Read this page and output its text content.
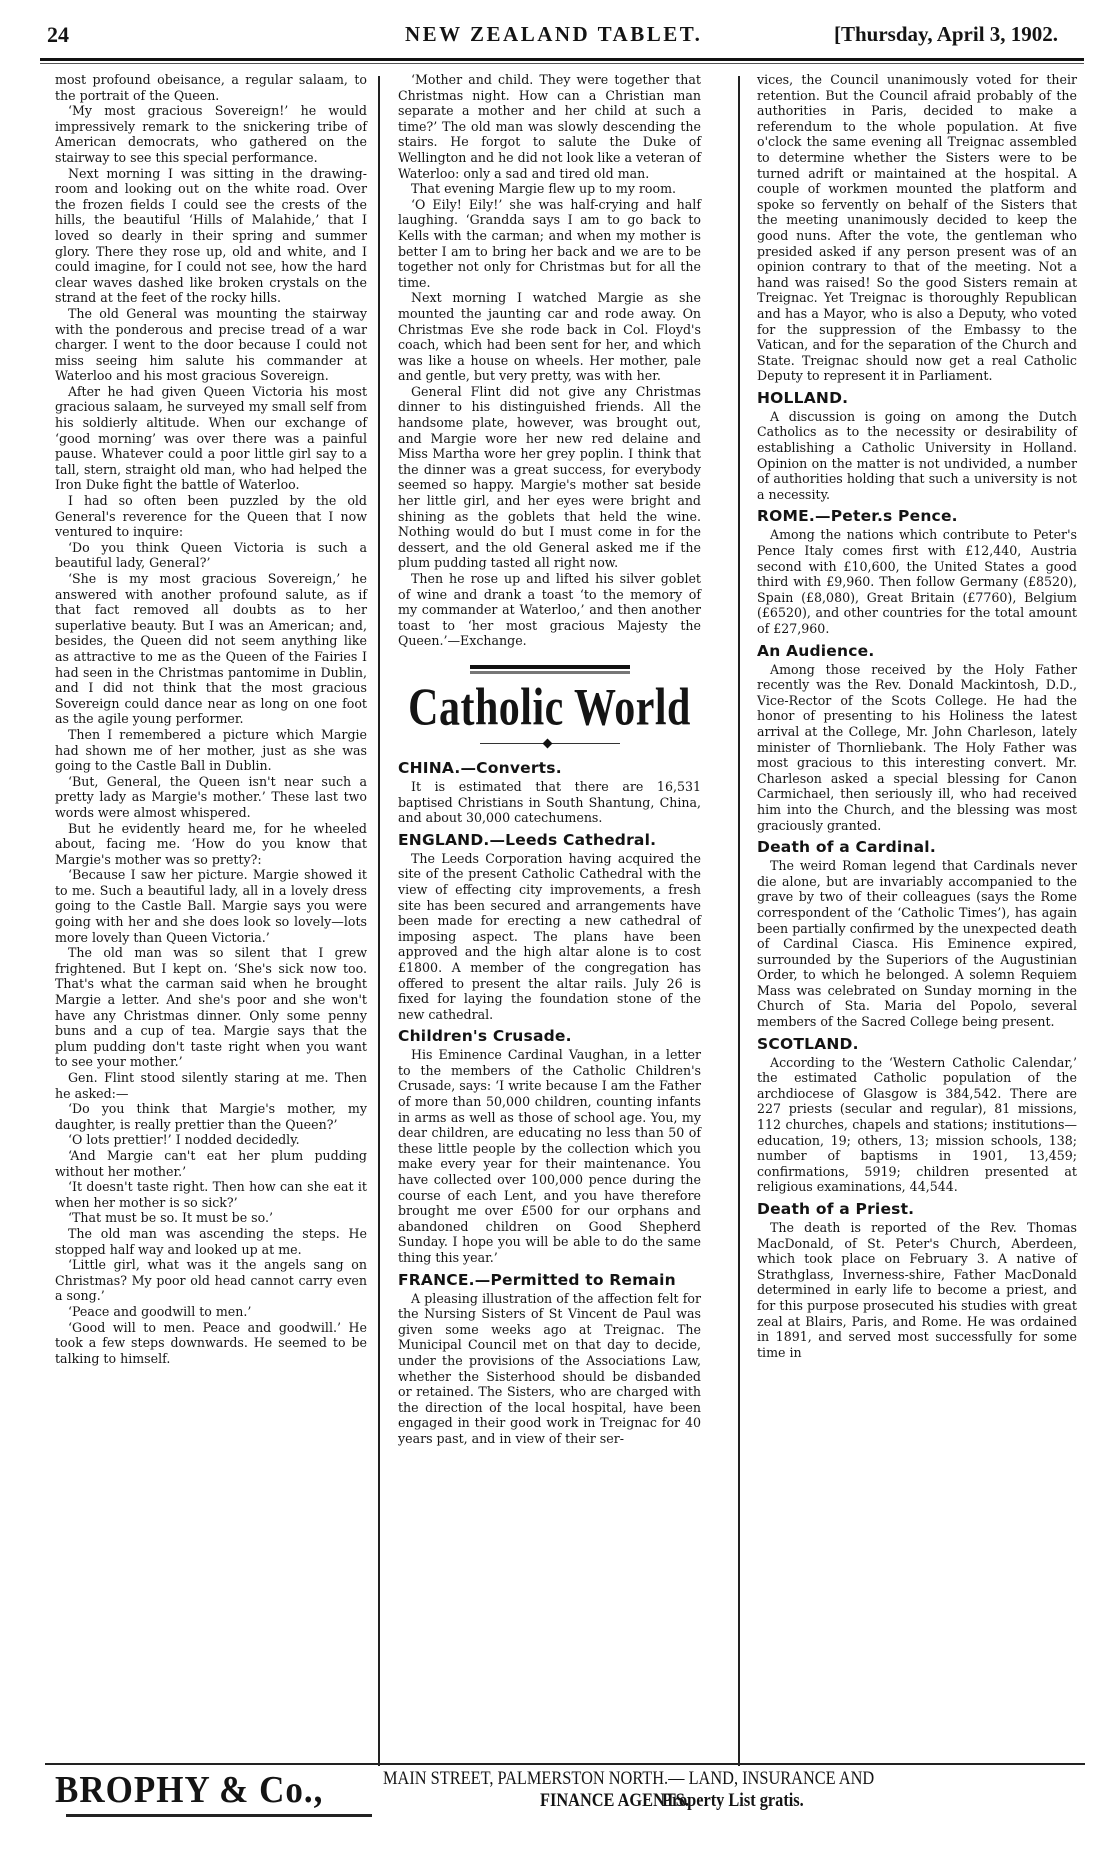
24	NEW ZEALAND TABLET.	[Thursday, April 3, 1902.

most profound obeisance, a regular salaam, to the portrait of the Queen.

‘My most gracious Sovereign!’ he would impressively remark to the snickering tribe of American democrats, who gathered on the stairway to see this special performance.

Next morning I was sitting in the drawing-room and looking out on the white road. Over the frozen fields I could see the crests of the hills, the beautiful ‘Hills of Malahide,’ that I loved so dearly in their spring and summer glory. There they rose up, old and white, and I could imagine, for I could not see, how the hard clear waves dashed like broken crystals on the strand at the feet of the rocky hills.

The old General was mounting the stairway with the ponderous and precise tread of a war charger. I went to the door because I could not miss seeing him salute his commander at Waterloo and his most gracious Sovereign.

After he had given Queen Victoria his most gracious salaam, he surveyed my small self from his soldierly altitude. When our exchange of ‘good morning’ was over there was a painful pause. Whatever could a poor little girl say to a tall, stern, straight old man, who had helped the Iron Duke fight the battle of Waterloo.

I had so often been puzzled by the old General's reverence for the Queen that I now ventured to inquire:

‘Do you think Queen Victoria is such a beautiful lady, General?’

‘She is my most gracious Sovereign,’ he answered with another profound salute, as if that fact removed all doubts as to her superlative beauty. But I was an American; and, besides, the Queen did not seem anything like as attractive to me as the Queen of the Fairies I had seen in the Christmas pantomime in Dublin, and I did not think that the most gracious Sovereign could dance near as long on one foot as the agile young performer.

Then I remembered a picture which Margie had shown me of her mother, just as she was going to the Castle Ball in Dublin.

‘But, General, the Queen isn't near such a pretty lady as Margie's mother.’ These last two words were almost whispered.

But he evidently heard me, for he wheeled about, facing me. ‘How do you know that Margie's mother was so pretty?:

‘Because I saw her picture. Margie showed it to me. Such a beautiful lady, all in a lovely dress going to the Castle Ball. Margie says you were going with her and she does look so lovely—lots more lovely than Queen Victoria.’

The old man was so silent that I grew frightened. But I kept on. ‘She's sick now too. That's what the carman said when he brought Margie a letter. And she's poor and she won't have any Christmas dinner. Only some penny buns and a cup of tea. Margie says that the plum pudding don't taste right when you want to see your mother.’

Gen. Flint stood silently staring at me. Then he asked:—

‘Do you think that Margie's mother, my daughter, is really prettier than the Queen?’

‘O lots prettier!’ I nodded decidedly.

‘And Margie can't eat her plum pudding without her mother.’

‘It doesn't taste right. Then how can she eat it when her mother is so sick?’

‘That must be so. It must be so.’

The old man was ascending the steps. He stopped half way and looked up at me.

‘Little girl, what was it the angels sang on Christmas? My poor old head cannot carry even a song.’

‘Peace and goodwill to men.’

‘Good will to men. Peace and goodwill.’ He took a few steps downwards. He seemed to be talking to himself.

‘Mother and child. They were together that Christmas night. How can a Christian man separate a mother and her child at such a time?’ The old man was slowly descending the stairs. He forgot to salute the Duke of Wellington and he did not look like a veteran of Waterloo: only a sad and tired old man.

That evening Margie flew up to my room.

‘O Eily! Eily!’ she was half-crying and half laughing. ‘Grandda says I am to go back to Kells with the carman; and when my mother is better I am to bring her back and we are to be together not only for Christmas but for all the time.

Next morning I watched Margie as she mounted the jaunting car and rode away. On Christmas Eve she rode back in Col. Floyd's coach, which had been sent for her, and which was like a house on wheels. Her mother, pale and gentle, but very pretty, was with her.

General Flint did not give any Christmas dinner to his distinguished friends. All the handsome plate, however, was brought out, and Margie wore her new red delaine and Miss Martha wore her grey poplin. I think that the dinner was a great success, for everybody seemed so happy. Margie's mother sat beside her little girl, and her eyes were bright and shining as the goblets that held the wine. Nothing would do but I must come in for the dessert, and the old General asked me if the plum pudding tasted all right now.

Then he rose up and lifted his silver goblet of wine and drank a toast ‘to the memory of my commander at Waterloo,’ and then another toast to ‘her most gracious Majesty the Queen.’—Exchange.

Catholic World
CHINA.—Converts.

It is estimated that there are 16,531 baptised Christians in South Shantung, China, and about 30,000 catechumens.

ENGLAND.—Leeds Cathedral.

The Leeds Corporation having acquired the site of the present Catholic Cathedral with the view of effecting city improvements, a fresh site has been secured and arrangements have been made for erecting a new cathedral of imposing aspect. The plans have been approved and the high altar alone is to cost £1800. A member of the congregation has offered to present the altar rails. July 26 is fixed for laying the foundation stone of the new cathedral.

Children's Crusade.

His Eminence Cardinal Vaughan, in a letter to the members of the Catholic Children's Crusade, says: ‘I write because I am the Father of more than 50,000 children, counting infants in arms as well as those of school age. You, my dear children, are educating no less than 50 of these little people by the collection which you make every year for their maintenance. You have collected over 100,000 pence during the course of each Lent, and you have therefore brought me over £500 for our orphans and abandoned children on Good Shepherd Sunday. I hope you will be able to do the same thing this year.’

FRANCE.—Permitted to Remain

A pleasing illustration of the affection felt for the Nursing Sisters of St Vincent de Paul was given some weeks ago at Treignac. The Municipal Council met on that day to decide, under the provisions of the Associations Law, whether the Sisterhood should be disbanded or retained. The Sisters, who are charged with the direction of the local hospital, have been engaged in their good work in Treignac for 40 years past, and in view of their ser-

vices, the Council unanimously voted for their retention. But the Council afraid probably of the authorities in Paris, decided to make a referendum to the whole population. At five o'clock the same evening all Treignac assembled to determine whether the Sisters were to be turned adrift or maintained at the hospital. A couple of workmen mounted the platform and spoke so fervently on behalf of the Sisters that the meeting unanimously decided to keep the good nuns. After the vote, the gentleman who presided asked if any person present was of an opinion contrary to that of the meeting. Not a hand was raised! So the good Sisters remain at Treignac. Yet Treignac is thoroughly Republican and has a Mayor, who is also a Deputy, who voted for the suppression of the Embassy to the Vatican, and for the separation of the Church and State. Treignac should now get a real Catholic Deputy to represent it in Parliament.

HOLLAND.

A discussion is going on among the Dutch Catholics as to the necessity or desirability of establishing a Catholic University in Holland. Opinion on the matter is not undivided, a number of authorities holding that such a university is not a necessity.

ROME.—Peter.s Pence.

Among the nations which contribute to Peter's Pence Italy comes first with £12,440, Austria second with £10,600, the United States a good third with £9,960. Then follow Germany (£8520), Spain (£8,080), Great Britain (£7760), Belgium (£6520), and other countries for the total amount of £27,960.

An Audience.

Among those received by the Holy Father recently was the Rev. Donald Mackintosh, D.D., Vice-Rector of the Scots College. He had the honor of presenting to his Holiness the latest arrival at the College, Mr. John Charleson, lately minister of Thornliebank. The Holy Father was most gracious to this interesting convert. Mr. Charleson asked a special blessing for Canon Carmichael, then seriously ill, who had received him into the Church, and the blessing was most graciously granted.

Death of a Cardinal.

The weird Roman legend that Cardinals never die alone, but are invariably accompanied to the grave by two of their colleagues (says the Rome correspondent of the ‘Catholic Times’), has again been partially confirmed by the unexpected death of Cardinal Ciasca. His Eminence expired, surrounded by the Superiors of the Augustinian Order, to which he belonged. A solemn Requiem Mass was celebrated on Sunday morning in the Church of Sta. Maria del Popolo, several members of the Sacred College being present.

SCOTLAND.

According to the ‘Western Catholic Calendar,’ the estimated Catholic population of the archdiocese of Glasgow is 384,542. There are 227 priests (secular and regular), 81 missions, 112 churches, chapels and stations; institutions—education, 19; others, 13; mission schools, 138; number of baptisms in 1901, 13,459; confirmations, 5919; children presented at religious examinations, 44,544.

Death of a Priest.

The death is reported of the Rev. Thomas MacDonald, of St. Peter's Church, Aberdeen, which took place on February 3. A native of Strathglass, Inverness-shire, Father MacDonald determined in early life to become a priest, and for this purpose prosecuted his studies with great zeal at Blairs, Paris, and Rome. He was ordained in 1891, and served most successfully for some time in

BROPHY & Co.,	MAIN STREET, PALMERSTON NORTH.— LAND, INSURANCE AND
FINANCE AGENTS.
Property List gratis.
